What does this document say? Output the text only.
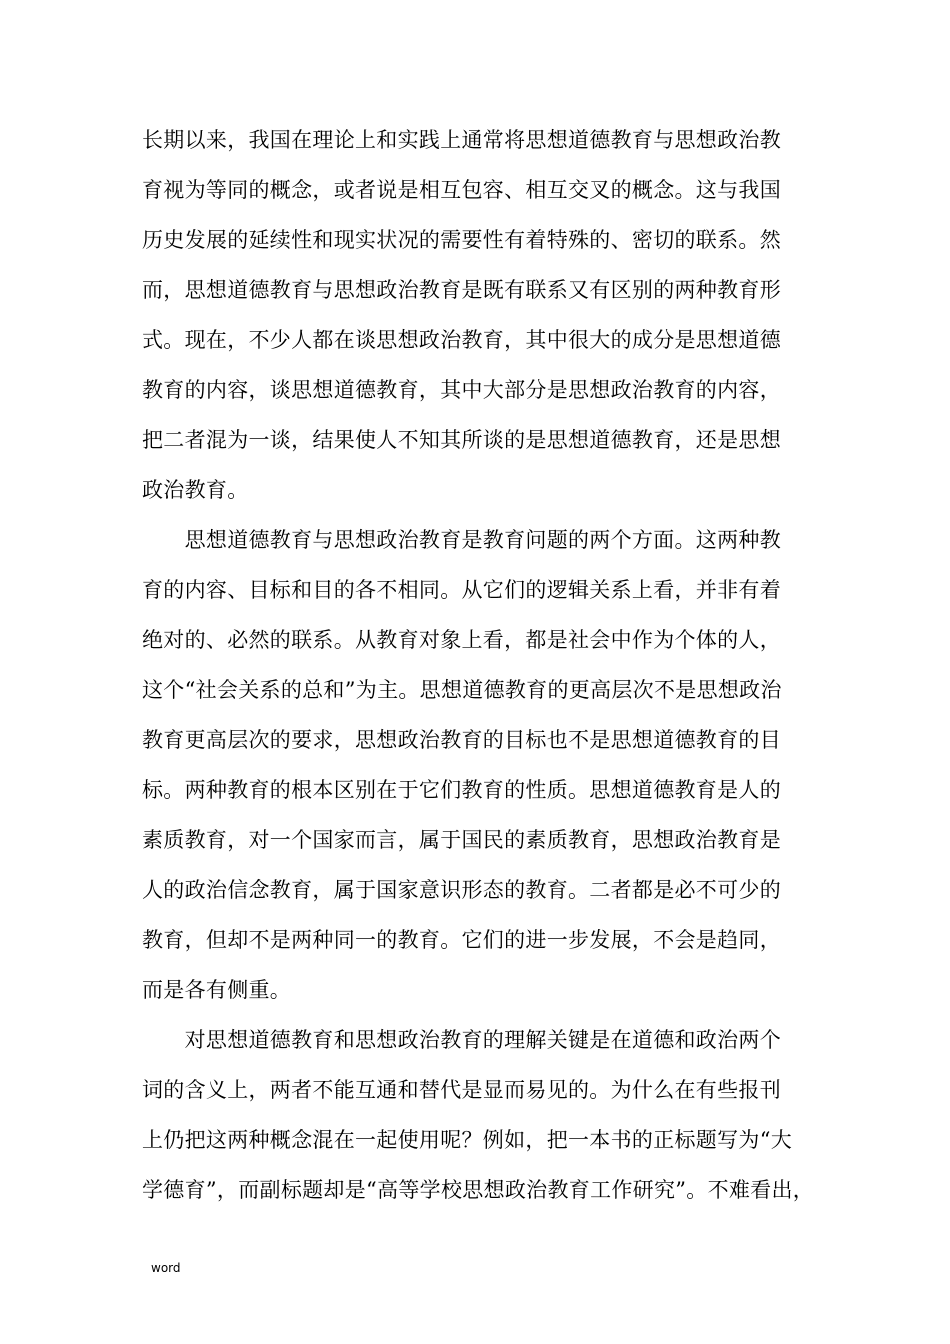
长期以来，我国在理论上和实践上通常将思想道德教育与思想政治教
育视为等同的概念，或者说是相互包容、相互交叉的概念。这与我国
历史发展的延续性和现实状况的需要性有着特殊的、密切的联系。然
而，思想道德教育与思想政治教育是既有联系又有区别的两种教育形
式。现在，不少人都在谈思想政治教育，其中很大的成分是思想道德
教育的内容，谈思想道德教育，其中大部分是思想政治教育的内容，
把二者混为一谈，结果使人不知其所谈的是思想道德教育，还是思想
政治教育。
　　思想道德教育与思想政治教育是教育问题的两个方面。这两种教
育的内容、目标和目的各不相同。从它们的逻辑关系上看，并非有着
绝对的、必然的联系。从教育对象上看，都是社会中作为个体的人，
这个“社会关系的总和”为主。思想道德教育的更高层次不是思想政治
教育更高层次的要求，思想政治教育的目标也不是思想道德教育的目
标。两种教育的根本区别在于它们教育的性质。思想道德教育是人的
素质教育，对一个国家而言，属于国民的素质教育，思想政治教育是
人的政治信念教育，属于国家意识形态的教育。二者都是必不可少的
教育，但却不是两种同一的教育。它们的进一步发展，不会是趋同，
而是各有侧重。
　　对思想道德教育和思想政治教育的理解关键是在道德和政治两个
词的含义上，两者不能互通和替代是显而易见的。为什么在有些报刊
上仍把这两种概念混在一起使用呢？例如，把一本书的正标题写为“大
学德育”，而副标题却是“高等学校思想政治教育工作研究”。不难看出，
word
